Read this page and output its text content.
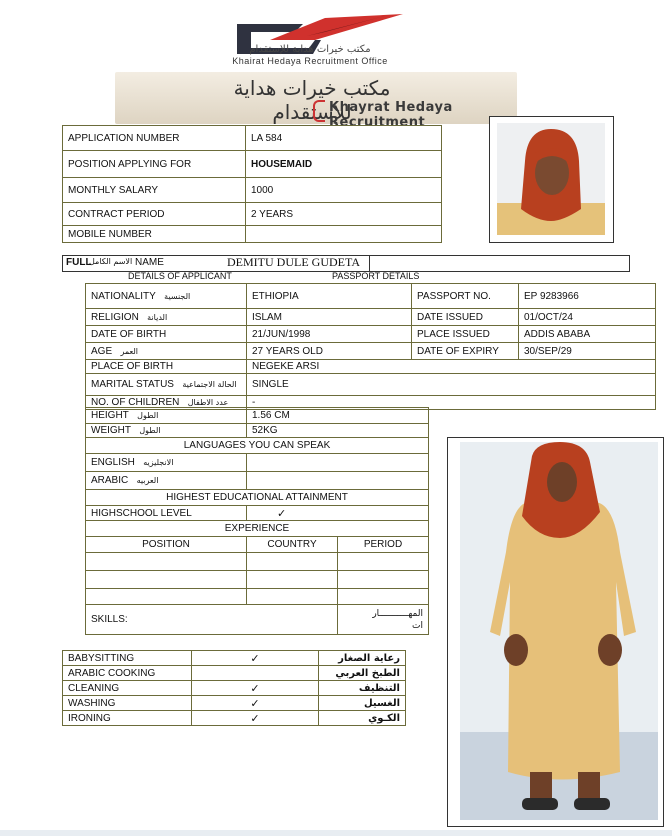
مكتب خيرات هداية للإستقدام
Khairat Hedaya Recruitment Office
مكتب خيرات هداية للإستقدام
Khayrat Hedaya Recruitment
APPLICATION NUMBER	LA 584
POSITION APPLYING FOR	HOUSEMAID
MONTHLY SALARY	1000
CONTRACT PERIOD	2 YEARS
MOBILE NUMBER	
FULL
الاسم الكامل NAME	DEMITU DULE GUDETA
DETAILS OF APPLICANT	PASSPORT DETAILS
NATIONALITY الجنسية	ETHIOPIA	PASSPORT NO.	EP 9283966
RELIGION الديانة	ISLAM	DATE ISSUED	01/OCT/24
DATE OF BIRTH	21/JUN/1998	PLACE ISSUED	ADDIS ABABA
AGE العمر	27 YEARS OLD	DATE OF EXPIRY	30/SEP/29
PLACE OF BIRTH	NEGEKE ARSI		
MARITAL STATUS الحالة الاجتماعية	SINGLE		
NO. OF CHILDREN عدد الاطفال	-		
HEIGHT الطول	1.56 CM
WEIGHT الطول	52KG
LANGUAGES YOU CAN SPEAK	
ENGLISH الانجليزيه	
ARABIC العربيه	
HIGHEST EDUCATIONAL ATTAINMENT	
HIGHSCHOOL LEVEL	✓
EXPERIENCE	
POSITION	COUNTRY	PERIOD

SKILLS:		المهـــــــــــار
ات
BABYSITTING	✓	رعاية الصغار
ARABIC COOKING		الطبخ العربي
CLEANING	✓	التنظيف
WASHING	✓	الغسيل
IRONING	✓	الكـوي
